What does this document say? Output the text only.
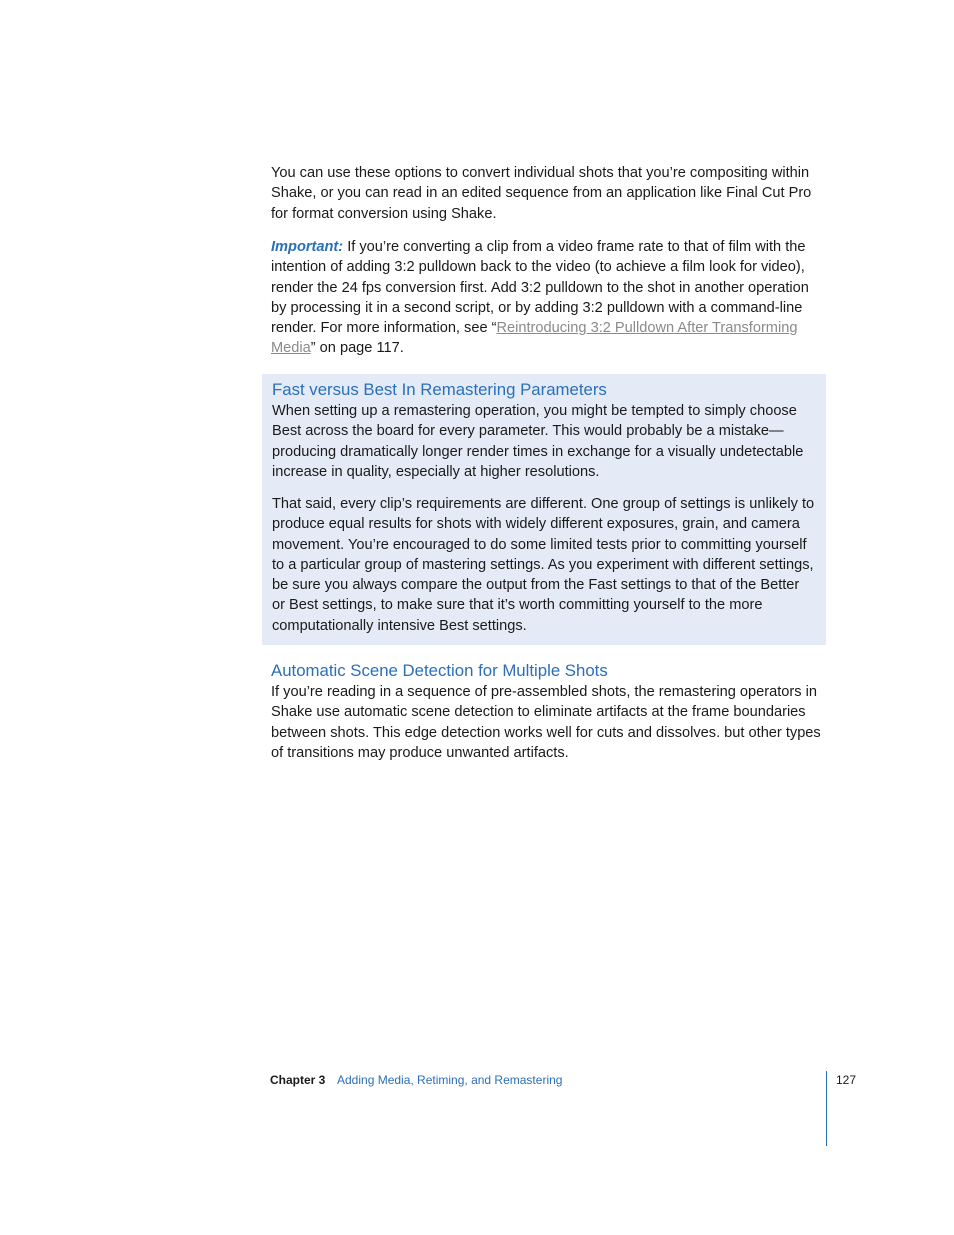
You can use these options to convert individual shots that you’re compositing within Shake, or you can read in an edited sequence from an application like Final Cut Pro for format conversion using Shake.

Important: If you’re converting a clip from a video frame rate to that of film with the intention of adding 3:2 pulldown back to the video (to achieve a film look for video), render the 24 fps conversion first. Add 3:2 pulldown to the shot in another operation by processing it in a second script, or by adding 3:2 pulldown with a command-line render. For more information, see “Reintroducing 3:2 Pulldown After Transforming Media” on page 117.

Fast versus Best In Remastering Parameters

When setting up a remastering operation, you might be tempted to simply choose Best across the board for every parameter. This would probably be a mistake—producing dramatically longer render times in exchange for a visually undetectable increase in quality, especially at higher resolutions.

That said, every clip’s requirements are different. One group of settings is unlikely to produce equal results for shots with widely different exposures, grain, and camera movement. You’re encouraged to do some limited tests prior to committing yourself to a particular group of mastering settings. As you experiment with different settings, be sure you always compare the output from the Fast settings to that of the Better or Best settings, to make sure that it’s worth committing yourself to the more computationally intensive Best settings.

Automatic Scene Detection for Multiple Shots

If you’re reading in a sequence of pre-assembled shots, the remastering operators in Shake use automatic scene detection to eliminate artifacts at the frame boundaries between shots. This edge detection works well for cuts and dissolves. but other types of transitions may produce unwanted artifacts.

Chapter 3 Adding Media, Retiming, and Remastering	127
